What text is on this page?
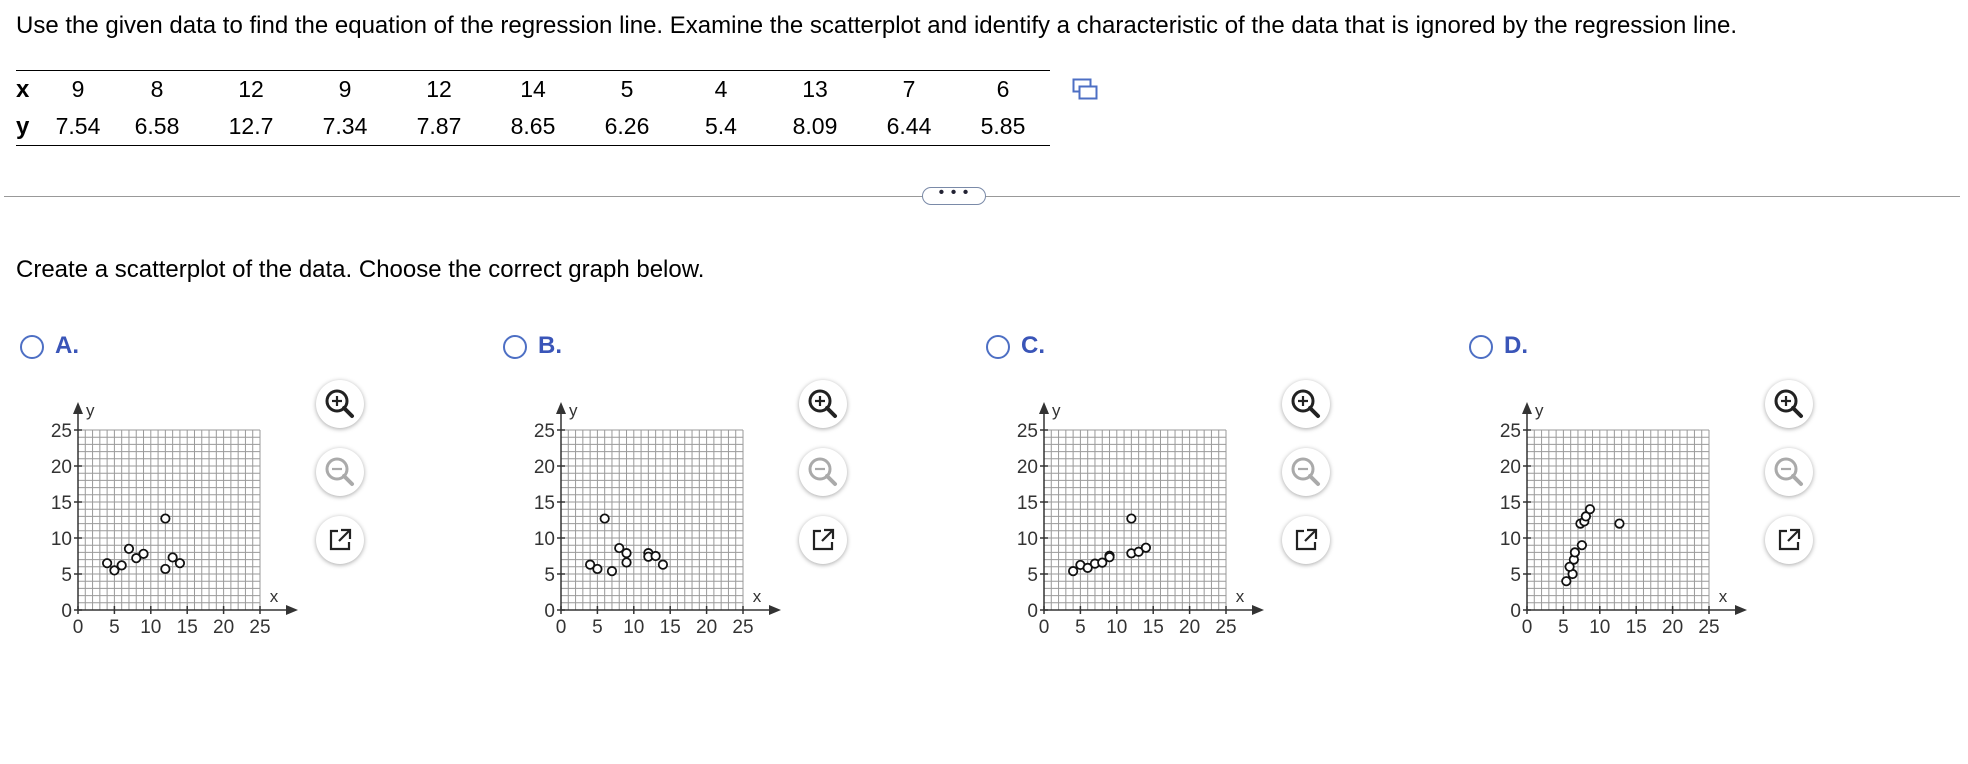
Use the given data to find the equation of the regression line. Examine the scatterplot and identify a characteristic of the data that is ignored by the regression line.
x	9	8	12	9	12	14	5	4	13	7	6
y	7.54	6.58	12.7	7.34	7.87	8.65	6.26	5.4	8.09	6.44	5.85
• • •
Create a scatterplot of the data. Choose the correct graph below.
A.
0 5 10 15 20 25
0
5
10
15
20
25
x
y
B.
0 5 10 15 20 25
0
5
10
15
20
25
x
y
C.
0 5 10 15 20 25
0
5
10
15
20
25
x
y
D.
0 5 10 15 20 25
0
5
10
15
20
25
x
y
